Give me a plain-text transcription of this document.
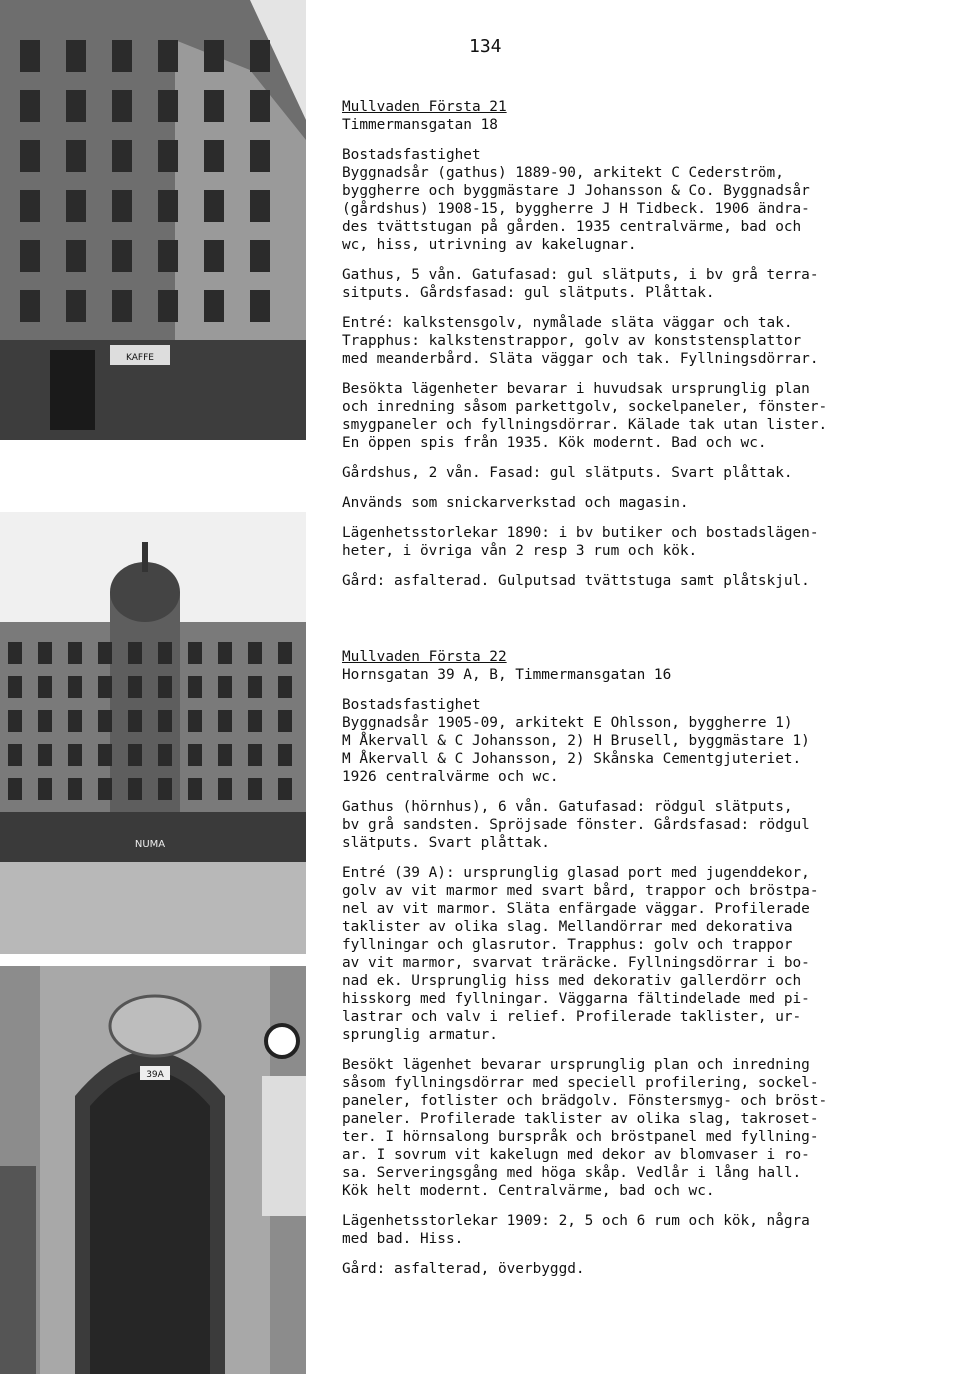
134
KAFFE
NUMA
39A
Mullvaden Första 21
Timmermansgatan 18

Bostadsfastighet
Byggnadsår (gathus) 1889-90, arkitekt C Cederström,
byggherre och byggmästare J Johansson & Co. Byggnadsår
(gårdshus) 1908-15, byggherre J H Tidbeck. 1906 ändra-
des tvättstugan på gården. 1935 centralvärme, bad och
wc, hiss, utrivning av kakelugnar.

Gathus, 5 vån. Gatufasad: gul slätputs, i bv grå terra-
sitputs. Gårdsfasad: gul slätputs. Plåttak.

Entré: kalkstensgolv, nymålade släta väggar och tak.
Trapphus: kalkstenstrappor, golv av konststensplattor
med meanderbård. Släta väggar och tak. Fyllningsdörrar.

Besökta lägenheter bevarar i huvudsak ursprunglig plan
och inredning såsom parkettgolv, sockelpaneler, fönster-
smygpaneler och fyllningsdörrar. Kälade tak utan lister.
En öppen spis från 1935. Kök modernt. Bad och wc.

Gårdshus, 2 vån. Fasad: gul slätputs. Svart plåttak.

Används som snickarverkstad och magasin.

Lägenhetsstorlekar 1890: i bv butiker och bostadslägen-
heter, i övriga vån 2 resp 3 rum och kök.

Gård: asfalterad. Gulputsad tvättstuga samt plåtskjul.

Mullvaden Första 22
Hornsgatan 39 A, B, Timmermansgatan 16

Bostadsfastighet
Byggnadsår 1905-09, arkitekt E Ohlsson, byggherre 1)
M Åkervall & C Johansson, 2) H Brusell, byggmästare 1)
M Åkervall & C Johansson, 2) Skånska Cementgjuteriet.
1926 centralvärme och wc.

Gathus (hörnhus), 6 vån. Gatufasad: rödgul slätputs,
bv grå sandsten. Spröjsade fönster. Gårdsfasad: rödgul
slätputs. Svart plåttak.

Entré (39 A): ursprunglig glasad port med jugenddekor,
golv av vit marmor med svart bård, trappor och bröstpa-
nel av vit marmor. Släta enfärgade väggar. Profilerade
taklister av olika slag. Mellandörrar med dekorativa
fyllningar och glasrutor. Trapphus: golv och trappor
av vit marmor, svarvat träräcke. Fyllningsdörrar i bo-
nad ek. Ursprunglig hiss med dekorativ gallerdörr och
hisskorg med fyllningar. Väggarna fältindelade med pi-
lastrar och valv i relief. Profilerade taklister, ur-
sprunglig armatur.

Besökt lägenhet bevarar ursprunglig plan och inredning
såsom fyllningsdörrar med speciell profilering, sockel-
paneler, fotlister och brädgolv. Fönstersmyg- och bröst-
paneler. Profilerade taklister av olika slag, takroset-
ter. I hörnsalong burspråk och bröstpanel med fyllning-
ar. I sovrum vit kakelugn med dekor av blomvaser i ro-
sa. Serveringsgång med höga skåp. Vedlår i lång hall.
Kök helt modernt. Centralvärme, bad och wc.

Lägenhetsstorlekar 1909: 2, 5 och 6 rum och kök, några
med bad. Hiss.

Gård: asfalterad, överbyggd.
